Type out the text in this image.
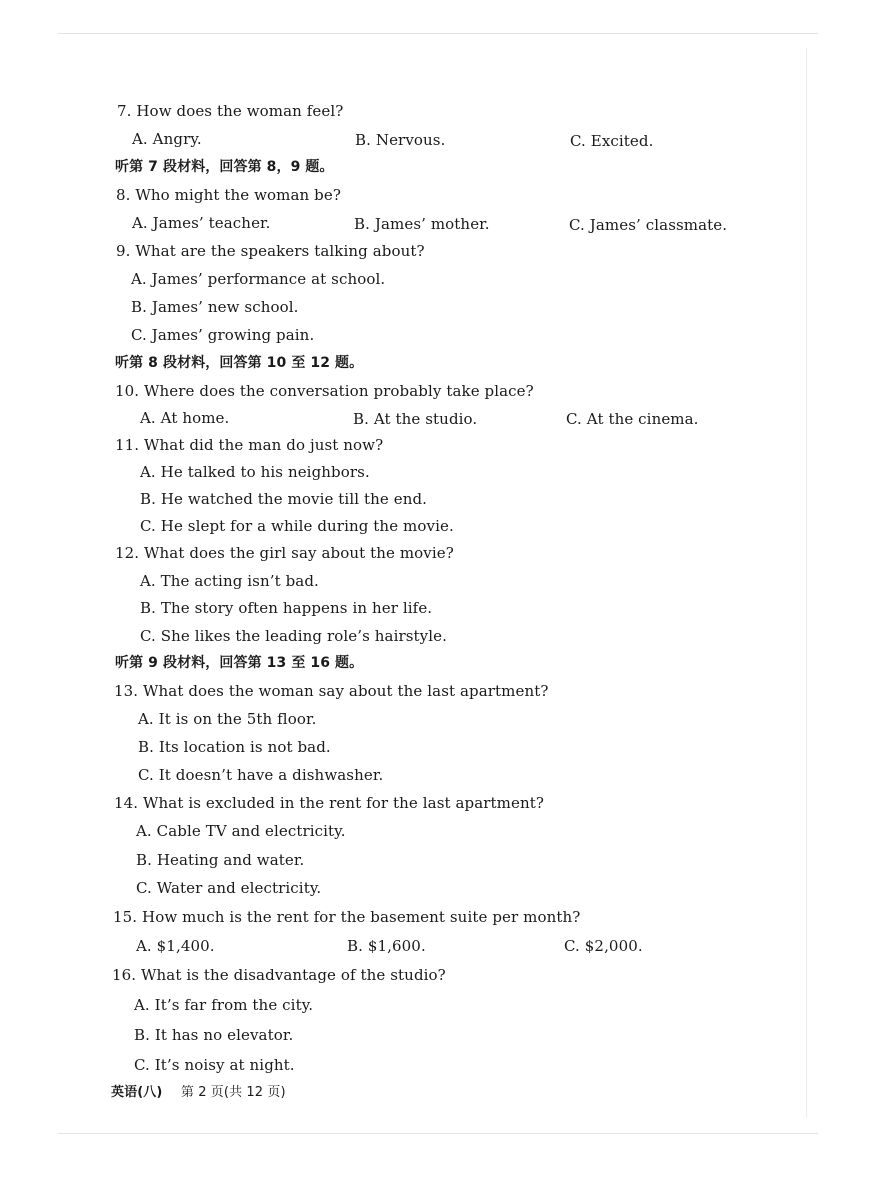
7. How does the woman feel?
A. Angry.	B. Nervous.	C. Excited.
听第 7 段材料，回答第 8，9 题。
8. Who might the woman be?
A. James’ teacher.	B. James’ mother.	C. James’ classmate.
9. What are the speakers talking about?
A. James’ performance at school.
B. James’ new school.
C. James’ growing pain.
听第 8 段材料，回答第 10 至 12 题。
10. Where does the conversation probably take place?
A. At home.	B. At the studio.	C. At the cinema.
11. What did the man do just now?
A. He talked to his neighbors.
B. He watched the movie till the end.
C. He slept for a while during the movie.
12. What does the girl say about the movie?
A. The acting isn’t bad.
B. The story often happens in her life.
C. She likes the leading role’s hairstyle.
听第 9 段材料，回答第 13 至 16 题。
13. What does the woman say about the last apartment?
A. It is on the 5th floor.
B. Its location is not bad.
C. It doesn’t have a dishwasher.
14. What is excluded in the rent for the last apartment?
A. Cable TV and electricity.
B. Heating and water.
C. Water and electricity.
15. How much is the rent for the basement suite per month?
A. $1,400.	B. $1,600.	C. $2,000.
16. What is the disadvantage of the studio?
A. It’s far from the city.
B. It has no elevator.
C. It’s noisy at night.
英语(八) 第 2 页(共 12 页)
